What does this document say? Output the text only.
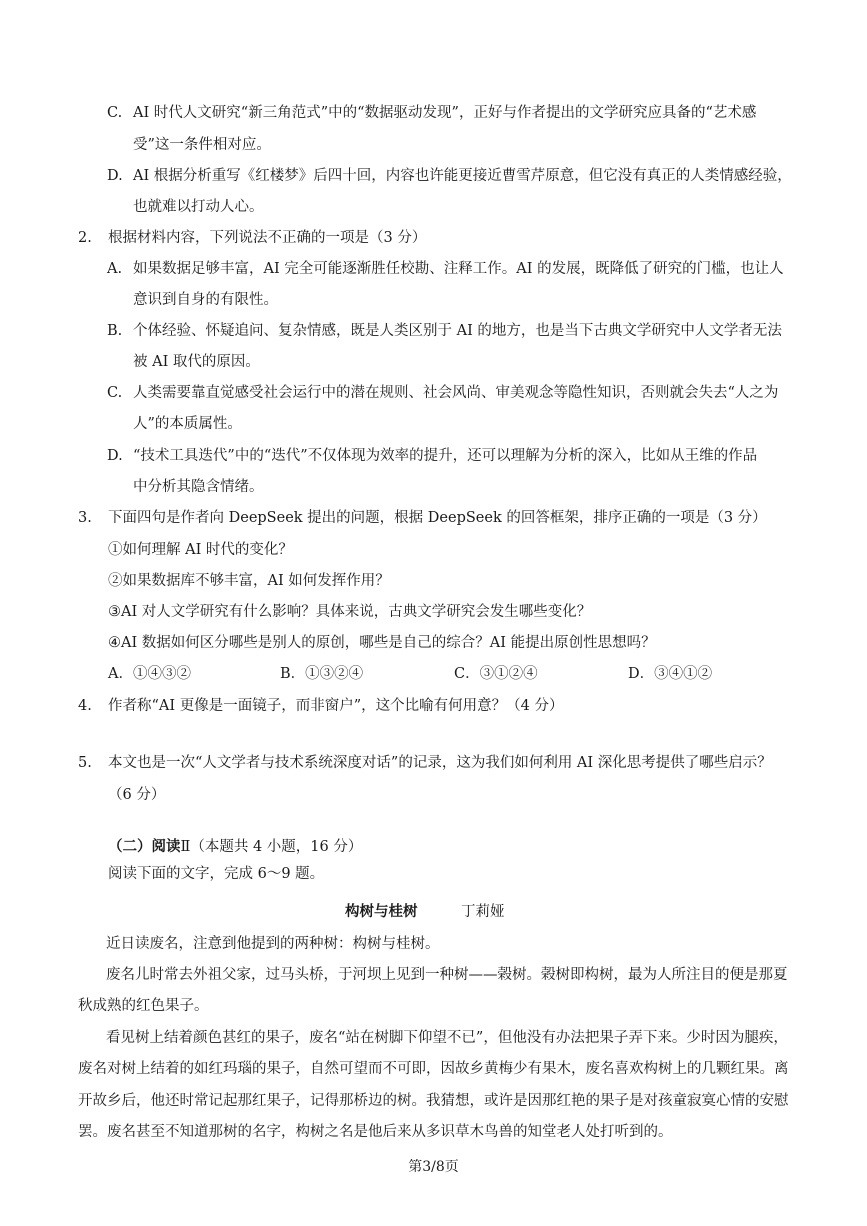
C. AI 时代人文研究“新三角范式”中的“数据驱动发现”，正好与作者提出的文学研究应具备的“艺术感
受”这一条件相对应。
D. AI 根据分析重写《红楼梦》后四十回，内容也许能更接近曹雪芹原意，但它没有真正的人类情感经验，
也就难以打动人心。
2. 根据材料内容，下列说法不正确的一项是（3 分）
A. 如果数据足够丰富，AI 完全可能逐渐胜任校勘、注释工作。AI 的发展，既降低了研究的门槛，也让人
意识到自身的有限性。
B. 个体经验、怀疑追问、复杂情感，既是人类区别于 AI 的地方，也是当下古典文学研究中人文学者无法
被 AI 取代的原因。
C. 人类需要靠直觉感受社会运行中的潜在规则、社会风尚、审美观念等隐性知识，否则就会失去“人之为
人”的本质属性。
D. “技术工具迭代”中的“迭代”不仅体现为效率的提升，还可以理解为分析的深入，比如从王维的作品
中分析其隐含情绪。
3. 下面四句是作者向 DeepSeek 提出的问题，根据 DeepSeek 的回答框架，排序正确的一项是（3 分）
①如何理解 AI 时代的变化？
②如果数据库不够丰富，AI 如何发挥作用？
③AI 对人文学研究有什么影响？具体来说，古典文学研究会发生哪些变化？
④AI 数据如何区分哪些是别人的原创，哪些是自己的综合？AI 能提出原创性思想吗？
A．①④③②	B．①③②④	C．③①②④	D．③④①②
4. 作者称“AI 更像是一面镜子，而非窗户”，这个比喻有何用意？（4 分）
5. 本文也是一次“人文学者与技术系统深度对话”的记录，这为我们如何利用 AI 深化思考提供了哪些启示？
（6 分）
（二）阅读Ⅱ（本题共 4 小题，16 分）
阅读下面的文字，完成 6～9 题。
构树与桂树	丁莉娅
近日读废名，注意到他提到的两种树：构树与桂树。
废名儿时常去外祖父家，过马头桥，于河坝上见到一种树——榖树。榖树即构树，最为人所注目的便是那夏
秋成熟的红色果子。
看见树上结着颜色甚红的果子，废名“站在树脚下仰望不已”，但他没有办法把果子弄下来。少时因为腿疾，
废名对树上结着的如红玛瑙的果子，自然可望而不可即，因故乡黄梅少有果木，废名喜欢构树上的几颗红果。离
开故乡后，他还时常记起那红果子，记得那桥边的树。我猜想，或许是因那红艳的果子是对孩童寂寞心情的安慰
罢。废名甚至不知道那树的名字，构树之名是他后来从多识草木鸟兽的知堂老人处打听到的。
第3/8页
